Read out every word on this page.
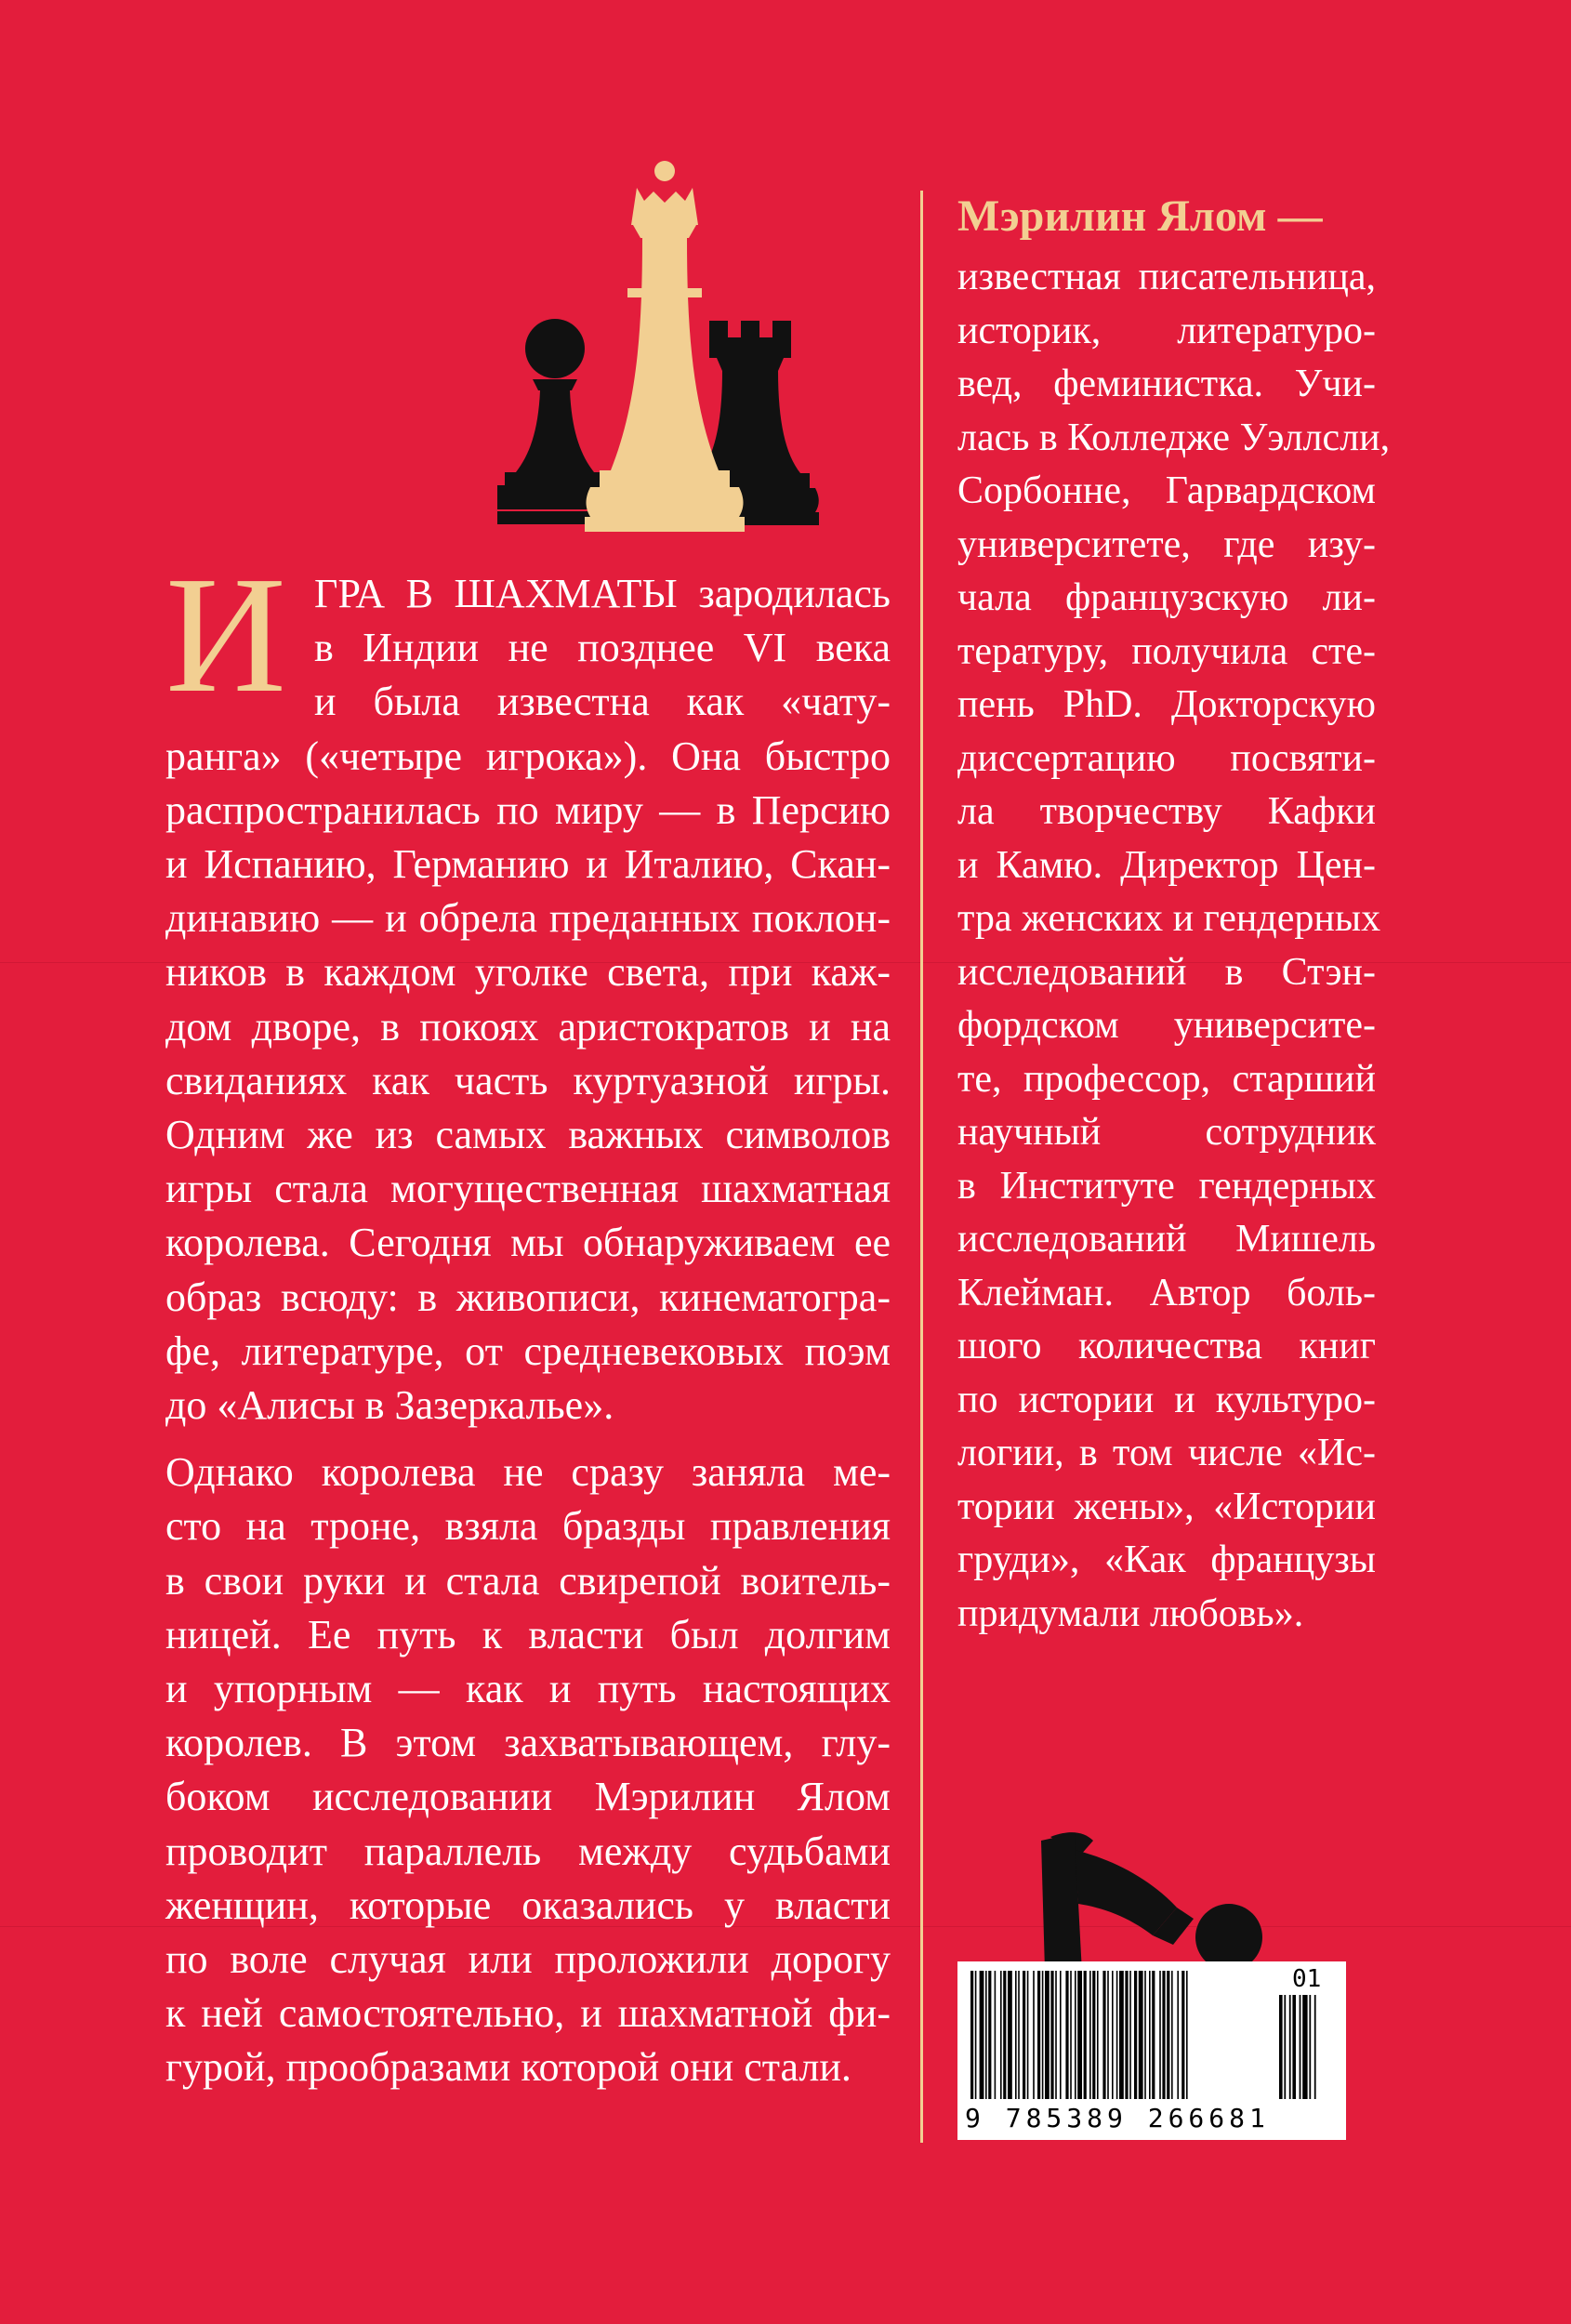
И ГРА В ШАХМАТЫ зародилась
в Индии не позднее VI века
и была известна как «чату-
ранга» («четыре игрока»). Она быстро
распространилась по миру — в Персию
и Испанию, Германию и Италию, Скан-
динавию — и обрела преданных поклон-
ников в каждом уголке света, при каж-
дом дворе, в покоях аристократов и на
свиданиях как часть куртуазной игры.
Одним же из самых важных символов
игры стала могущественная шахматная
королева. Сегодня мы обнаруживаем ее
образ всюду: в живописи, кинематогра-
фе, литературе, от средневековых поэм
до «Алисы в Зазеркалье».
Однако королева не сразу заняла ме-
сто на троне, взяла бразды правления
в свои руки и стала свирепой воитель-
ницей. Ее путь к власти был долгим
и упорным — как и путь настоящих
королев. В этом захватывающем, глу-
боком исследовании Мэрилин Ялом
проводит параллель между судьбами
женщин, которые оказались у власти
по воле случая или проложили дорогу
к ней самостоятельно, и шахматной фи-
гурой, прообразами которой они стали.
Мэрилин Ялом —
известная писательница,
историк, литературо-
вед, феминистка. Учи-
лась в Колледже Уэллсли,
Сорбонне, Гарвардском
университете, где изу-
чала французскую ли-
тературу, получила сте-
пень PhD. Докторскую
диссертацию посвяти-
ла творчеству Кафки
и Камю. Директор Цен-
тра женских и гендерных
исследований в Стэн-
фордском университе-
те, профессор, старший
научный сотрудник
в Институте гендерных
исследований Мишель
Клейман. Автор боль-
шого количества книг
по истории и культуро-
логии, в том числе «Ис-
тории жены», «Истории
груди», «Как французы
придумали любовь».
9 785389 266681
01
